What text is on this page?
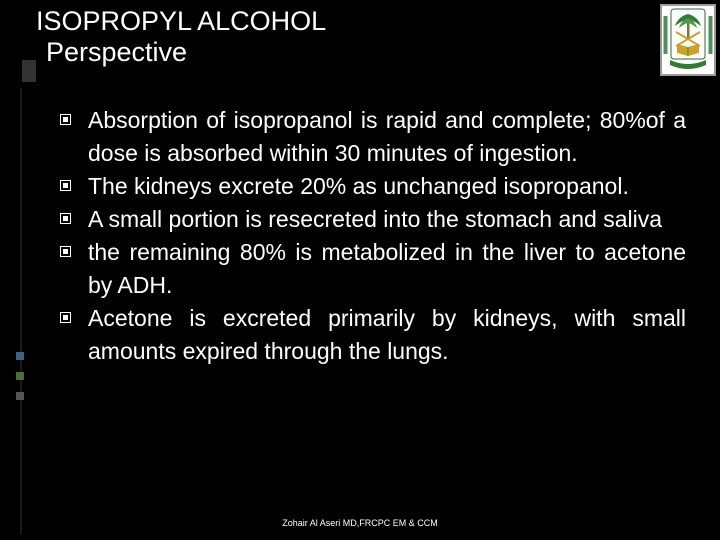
ISOPROPYL ALCOHOL
Perspective
Absorption of isopropanol is rapid and complete; 80%of a dose is absorbed within 30 minutes of ingestion.
The kidneys excrete 20% as unchanged isopropanol.
A small portion is resecreted into the stomach and saliva
the remaining 80% is metabolized in the liver to acetone by ADH.
Acetone is excreted primarily by kidneys, with small amounts expired through the lungs.
Zohair Al Aseri MD,FRCPC EM & CCM
